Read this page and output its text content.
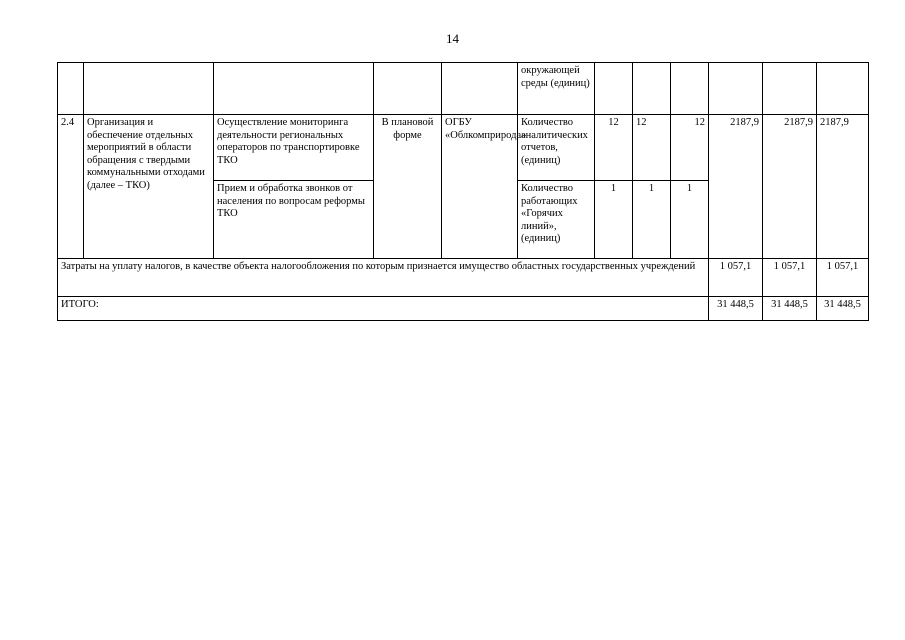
14
					окружающей среды (единиц)						
2.4	Организация и обеспечение отдельных мероприятий в области обращения с твердыми коммунальными отходами (далее – ТКО)	Осуществление мониторинга деятельности региональных операторов по транспортировке ТКО	В плановой форме	ОГБУ «Облкомприрода»	Количество аналитических отчетов, (единиц)	12	12	12	2187,9	2187,9	2187,9
		Прием и обработка звонков от населения по вопросам реформы ТКО			Количество работающих «Горячих линий», (единиц)	1	1	1			
Затраты на уплату налогов, в качестве объекта налогообложения по которым признается имущество областных государственных учреждений									1 057,1	1 057,1	1 057,1
ИТОГО:									31 448,5	31 448,5	31 448,5
